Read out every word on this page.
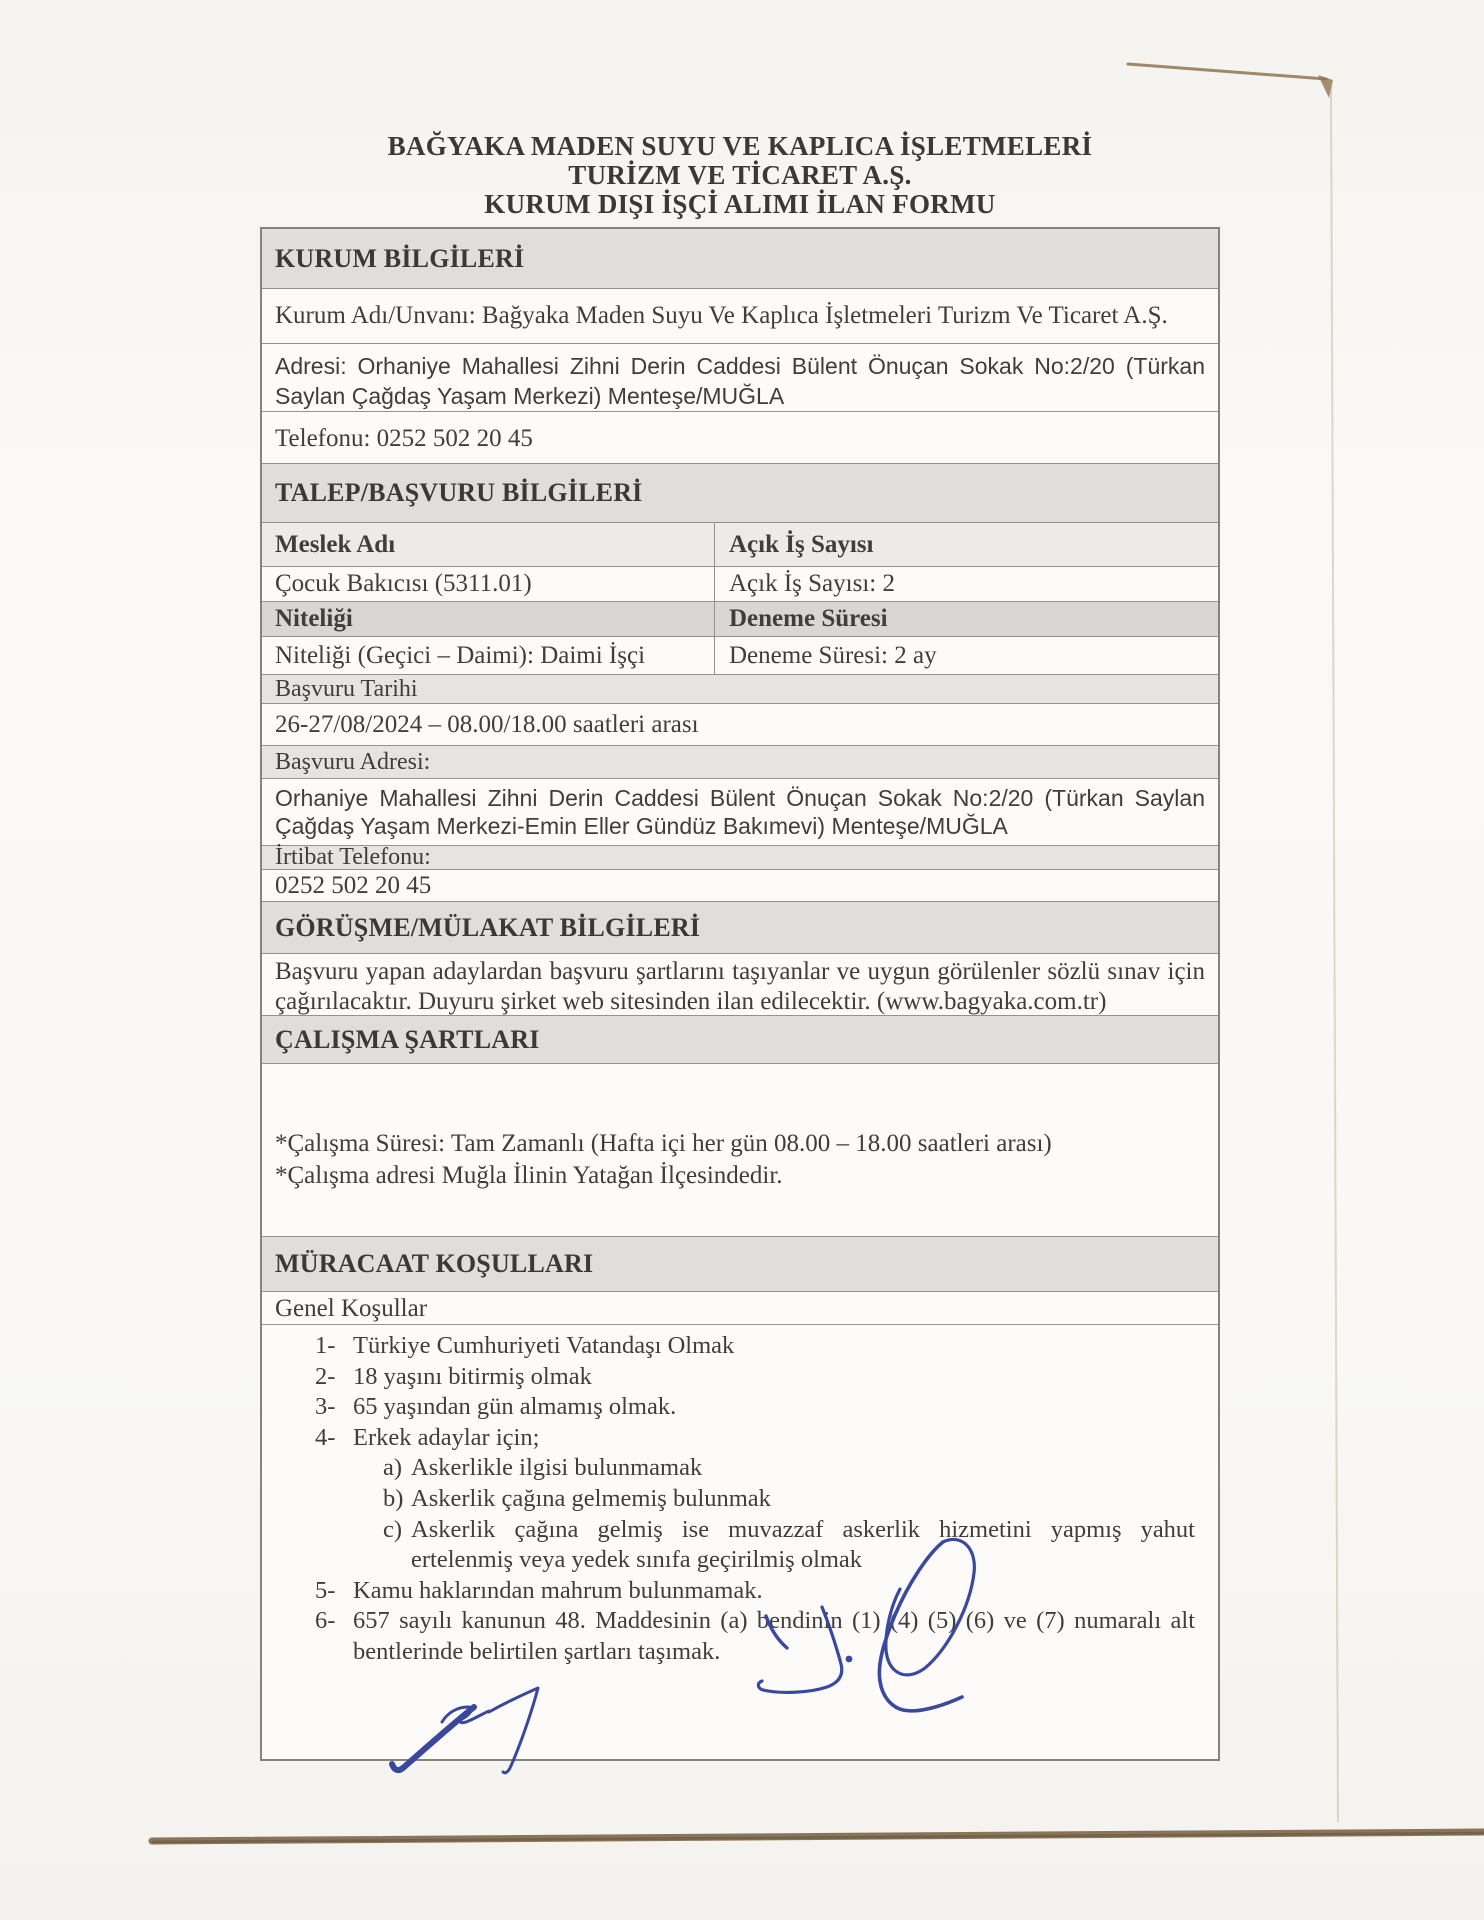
BAĞYAKA MADEN SUYU VE KAPLICA İŞLETMELERİ
TURİZM VE TİCARET A.Ş.
KURUM DIŞI İŞÇİ ALIMI İLAN FORMU
KURUM BİLGİLERİ
Kurum Adı/Unvanı: Bağyaka Maden Suyu Ve Kaplıca İşletmeleri Turizm Ve Ticaret A.Ş.
Adresi: Orhaniye Mahallesi Zihni Derin Caddesi Bülent Önuçan Sokak No:2/20 (Türkan Saylan Çağdaş Yaşam Merkezi) Menteşe/MUĞLA
Telefonu: 0252 502 20 45
TALEP/BAŞVURU BİLGİLERİ
Meslek Adı	Açık İş Sayısı
Çocuk Bakıcısı (5311.01)	Açık İş Sayısı: 2
Niteliği	Deneme Süresi
Niteliği (Geçici – Daimi): Daimi İşçi	Deneme Süresi: 2 ay
Başvuru Tarihi
26-27/08/2024 – 08.00/18.00 saatleri arası
Başvuru Adresi:
Orhaniye Mahallesi Zihni Derin Caddesi Bülent Önuçan Sokak No:2/20 (Türkan Saylan Çağdaş Yaşam Merkezi-Emin Eller Gündüz Bakımevi) Menteşe/MUĞLA
İrtibat Telefonu:
0252 502 20 45
GÖRÜŞME/MÜLAKAT BİLGİLERİ
Başvuru yapan adaylardan başvuru şartlarını taşıyanlar ve uygun görülenler sözlü sınav için çağırılacaktır. Duyuru şirket web sitesinden ilan edilecektir. (www.bagyaka.com.tr)
ÇALIŞMA ŞARTLARI
*Çalışma Süresi: Tam Zamanlı (Hafta içi her gün 08.00 – 18.00 saatleri arası)
*Çalışma adresi Muğla İlinin Yatağan İlçesindedir.
MÜRACAAT KOŞULLARI
Genel Koşullar
1- Türkiye Cumhuriyeti Vatandaşı Olmak
2- 18 yaşını bitirmiş olmak
3- 65 yaşından gün almamış olmak.
4- Erkek adaylar için;
a) Askerlikle ilgisi bulunmamak
b) Askerlik çağına gelmemiş bulunmak
c) Askerlik çağına gelmiş ise muvazzaf askerlik hizmetini yapmış yahut ertelenmiş veya yedek sınıfa geçirilmiş olmak
5- Kamu haklarından mahrum bulunmamak.
6- 657 sayılı kanunun 48. Maddesinin (a) bendinin (1) (4) (5) (6) ve (7) numaralı alt bentlerinde belirtilen şartları taşımak.
